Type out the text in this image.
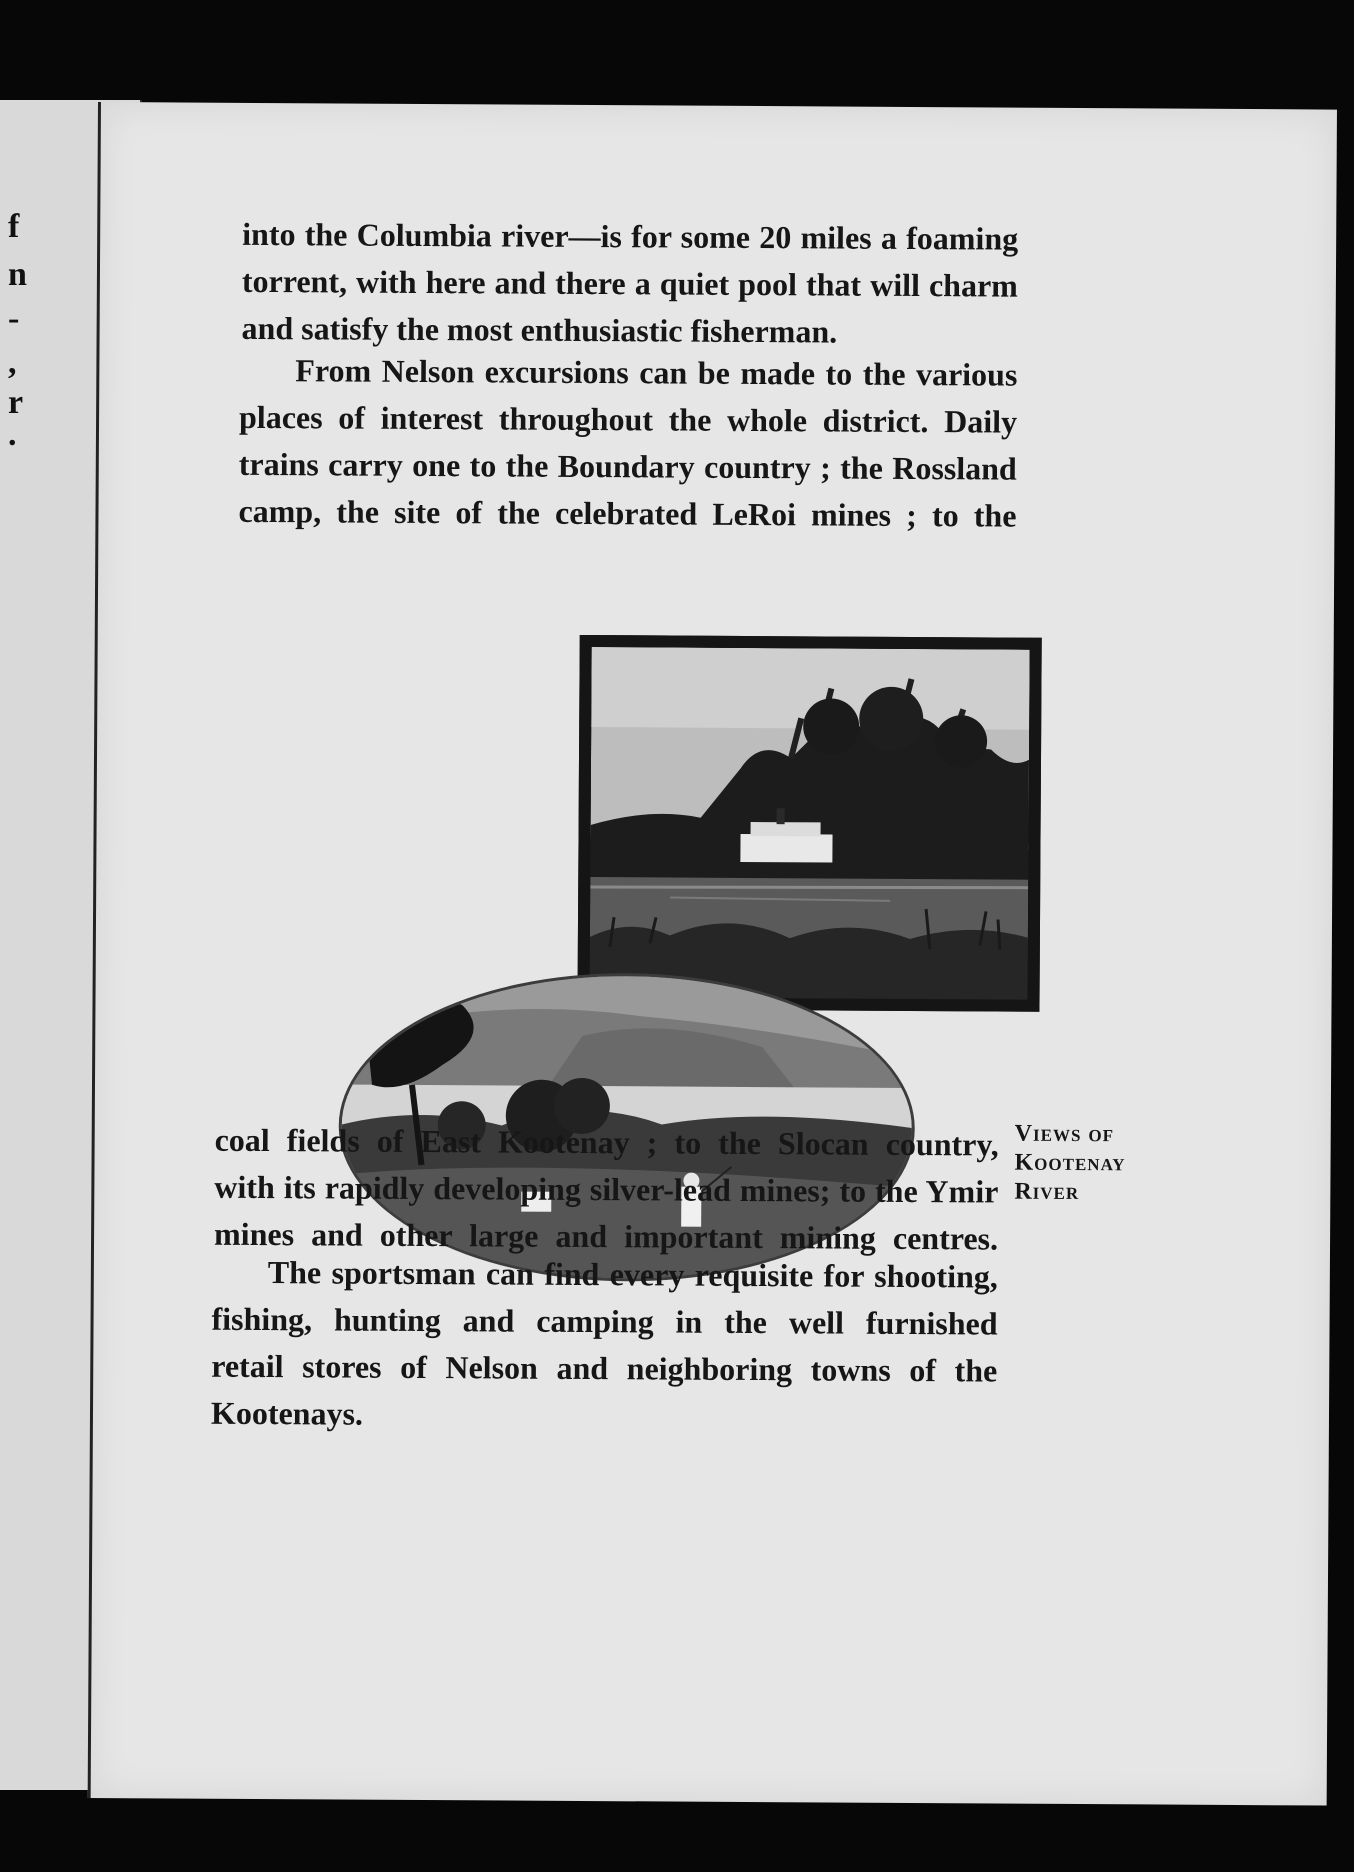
f
n
-
,
r
.
into the Columbia river—is for some 20 miles a foaming
torrent, with here and there a quiet pool that will charm
and satisfy the most enthusiastic fisherman.
From Nelson excursions can be made to the various
places of interest throughout the whole district. Daily
trains carry one to the Boundary country ; the Rossland
camp, the site of the celebrated LeRoi mines ; to the
Views of
Kootenay
River
coal fields of East Kootenay ; to the Slocan country,
with its rapidly developing silver-lead mines; to the Ymir
mines and other large and important mining centres.
The sportsman can find every requisite for shooting,
fishing, hunting and camping in the well furnished
retail stores of Nelson and neighboring towns of the
Kootenays.
